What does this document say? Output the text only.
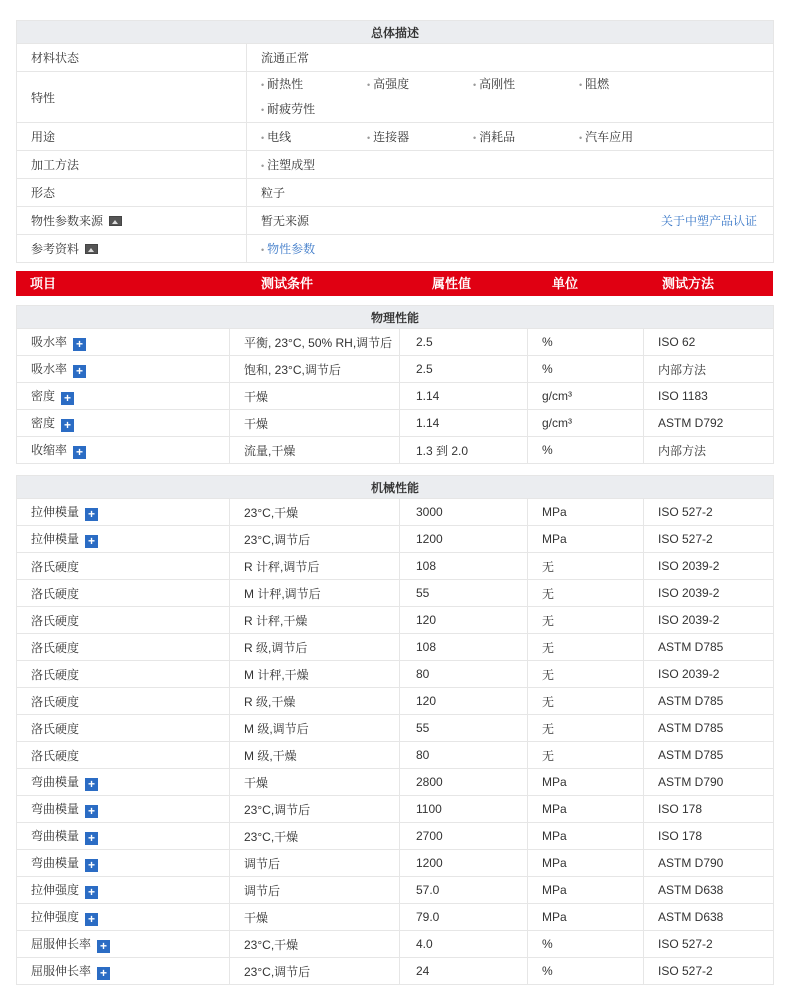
总体描述	
材料状态	流通正常
特性	• 耐热性 • 高强度 • 高刚性 • 阻燃• 耐疲劳性
用途	• 电线 • 连接器 • 消耗品 • 汽车应用
加工方法	• 注塑成型
形态	粒子
物性参数来源	暂无来源 关于中塑产品认证

参考资料	• 物性参数
项目	测试条件	属性值	单位	测试方法
物理性能				
吸水率 +	平衡, 23°C, 50% RH,调节后	2.5	%	ISO 62
吸水率 +	饱和, 23°C,调节后	2.5	%	内部方法
密度 +	干燥	1.14	g/cm³	ISO 1183
密度 +	干燥	1.14	g/cm³	ASTM D792
收缩率 +	流量,干燥	1.3 到 2.0	%	内部方法
机械性能				
拉伸模量 +	23°C,干燥	3000	MPa	ISO 527-2
拉伸模量 +	23°C,调节后	1200	MPa	ISO 527-2
洛氏硬度	R 计秤,调节后	108	无	ISO 2039-2
洛氏硬度	M 计秤,调节后	55	无	ISO 2039-2
洛氏硬度	R 计秤,干燥	120	无	ISO 2039-2
洛氏硬度	R 级,调节后	108	无	ASTM D785
洛氏硬度	M 计秤,干燥	80	无	ISO 2039-2
洛氏硬度	R 级,干燥	120	无	ASTM D785
洛氏硬度	M 级,调节后	55	无	ASTM D785
洛氏硬度	M 级,干燥	80	无	ASTM D785
弯曲模量 +	干燥	2800	MPa	ASTM D790
弯曲模量 +	23°C,调节后	1100	MPa	ISO 178
弯曲模量 +	23°C,干燥	2700	MPa	ISO 178
弯曲模量 +	调节后	1200	MPa	ASTM D790
拉伸强度 +	调节后	57.0	MPa	ASTM D638
拉伸强度 +	干燥	79.0	MPa	ASTM D638
屈服伸长率 +	23°C,干燥	4.0	%	ISO 527-2
屈服伸长率 +	23°C,调节后	24	%	ISO 527-2
